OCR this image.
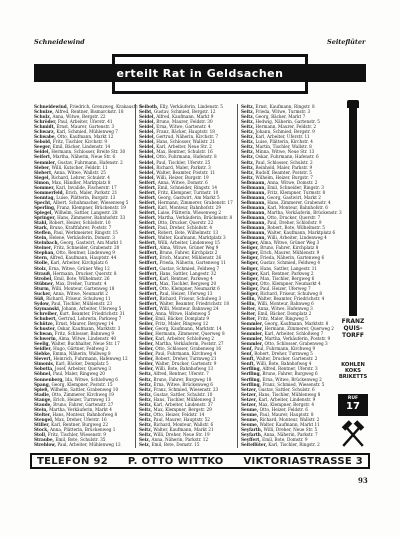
Schneidewind	Seiteflüter
erteilt Rat in Geldsachen
Schneidewind, Friedrich, Grenzweg, Krakaustr. 5
Schulze, Alfred, Rentner, Bismarckstr. 18
Schulz, Anna, Witwe, Bergstr. 22
Schröder, Paul, Arbeiter, Uferstr. 41
Schmidt, Ernst, Maurer, Gartenstr. 3
Schwarz, Karl, Schmied, Mühlenweg 7
Schwabe, Otto, Kaufmann, Markt 12
Sebold, Fritz, Tischler, Kirchstr. 9
Seeger, Emil, Bäcker, Lindenstr. 14
Seidel, Hermann, Schlosser, Breite Str. 30
Seifert, Martha, Näherin, Neue Str. 6
Semmler, Gustav, Fuhrmann, Hafenstr. 2
Sieber, Willi, Kutscher, Feldstr. 11
Siebert, Anna, Witwe, Wallstr. 25
Siegel, Richard, Lehrer, Schulstr. 4
Simon, Max, Händler, Marktplatz 8
Sommer, Karl, Invalide, Fischerstr. 17
Sommerfeld, Erich, Maler, Parkstr. 21
Sonntag, Luise, Plätterin, Burgstr. 13
Specht, Albert, Schuhmacher, Wiesenweg 5
Sperling, Franz, Klempner, Brückenstr. 19
Spiegel, Wilhelm, Sattler, Langestr. 28
Springer, Hans, Zimmerer, Bahnhofstr. 33
Stahl, Robert, Heizer, Schloßstr. 10
Stark, Bruno, Kraftfahrer, Poststr. 7
Steffen, Paul, Werkmeister, Ringstr. 15
Stein, Helene, Verkäuferin, Domstr. 3
Steinbach, Georg, Gastwirt, Am Markt 1
Steiner, Fritz, Schneider, Grabenstr. 20
Stephan, Otto, Rentner, Lindenweg 9
Stern, Alfred, Kaufmann, Hauptstr. 44
Stolle, Karl, Arbeiter, Kirchplatz 6
Stolz, Erna, Witwe, Grüner Weg 12
Strauß, Hermann, Drucker, Querstr. 8
Strobel, Emil, Bote, Wilhelmstr. 26
Stübner, Max, Dreher, Turmstr. 4
Sturm, Willi, Monteur, Gartenweg 18
Sucker, Anna, Witwe, Neumarkt 2
Süß, Richard, Friseur, Schulweg 11
Sydow, Paul, Tischler, Mühlenstr. 23
Szymanski, Johann, Arbeiter, Uferweg 5
Schreiber, Kurt, Beamter, Friedrichstr. 31
Schubert, Gertrud, Lehrerin, Parkweg 7
Schütze, Ernst, Maurer, Bergweg 14
Schuster, Oskar, Kaufmann, Marktstr. 3
Schwan, Fritz, Schlosser, Bahnweg 9
Schwerin, Alma, Witwe, Lindenstr. 40
Seelig, Walter, Buchhalter, Neue Str. 17
Seidler, Hugo, Gärtner, Feldweg 2
Siebke, Emma, Näherin, Wallweg 8
Sievert, Heinrich, Fuhrmann, Hafenweg 12
Simonis, Karl, Bäcker, Domplatz 5
Sobotta, Josef, Arbeiter, Querweg 3
Söhnel, Paul, Maler, Ringweg 20
Sonnenberg, Ida, Witwe, Schloßweg 6
Spang, Georg, Klempner, Poststr. 15
Spieß, Wilhelm, Sattler, Grabenweg 10
Stadie, Otto, Zimmerer, Kirchweg 19
Stange, Erich, Heizer, Turmweg 13
Staude, Bruno, Fahrer, Gartenstr. 27
Stein, Martha, Verkäuferin, Markt 4
Stelter, Hans, Monteur, Bahnhofweg 8
Stengel, Max, Dreher, Uferstr. 16
Stiller, Karl, Rentner, Burgweg 22
Stock, Anna, Plätterin, Brückenweg 1
Stoll, Fritz, Tischler, Wiesenstr. 9
Straube, Emil, Bote, Schulstr. 35
Strehlow, Paul, Arbeiter, Mühlenweg 12
Seiboth, Elly, Verkäuferin, Lindenstr. 5
Seibt, Gustav, Schmied, Bergstr. 12
Seidel, Alfred, Kaufmann, Markt 9
Seidel, Bruno, Maurer, Feldstr. 30
Seidel, Erna, Witwe, Gartenstr. 4
Seidel, Franz, Bäcker, Hauptstr. 18
Seidel, Gertrud, Näherin, Kirchstr. 7
Seidel, Hans, Schlosser, Wallstr. 21
Seidel, Karl, Arbeiter, Neue Str. 2
Seidel, Max, Rentner, Schulstr. 16
Seidel, Otto, Fuhrmann, Hafenstr. 8
Seidel, Paul, Tischler, Uferstr. 25
Seidel, Richard, Maler, Parkstr. 3
Seidel, Walter, Beamter, Poststr. 11
Seidel, Willi, Heizer, Burgstr. 19
Seifert, Anna, Witwe, Domstr. 6
Seifert, Emil, Schneider, Ringstr. 14
Seifert, Fritz, Klempner, Turmstr. 10
Seifert, Georg, Gastwirt, Am Markt 5
Seifert, Hermann, Zimmerer, Grabenstr. 17
Seifert, Karl, Monteur, Bahnhofstr. 29
Seifert, Luise, Plätterin, Wiesenweg 2
Seifert, Martha, Verkäuferin, Brückenstr. 8
Seifert, Otto, Drucker, Querstr. 22
Seifert, Paul, Dreher, Schloßstr. 4
Seifert, Robert, Bote, Wilhelmstr. 13
Seifert, Walter, Kaufmann, Marktplatz 3
Seifert, Willi, Arbeiter, Lindenweg 15
Seiffert, Alma, Witwe, Grüner Weg 9
Seiffert, Bruno, Fahrer, Kirchplatz 2
Seiffert, Erich, Maurer, Mühlenstr. 26
Seiffert, Frieda, Näherin, Gartenweg 11
Seiffert, Gustav, Schmied, Feldweg 7
Seiffert, Hans, Sattler, Langestr. 32
Seiffert, Karl, Rentner, Parkweg 4
Seiffert, Max, Tischler, Bergweg 20
Seiffert, Otto, Klempner, Neumarkt 6
Seiffert, Paul, Heizer, Uferweg 13
Seiffert, Richard, Friseur, Schulweg 3
Seiffert, Walter, Beamter, Friedrichstr. 18
Seiffert, Willi, Monteur, Bahnweg 24
Seiler, Anna, Witwe, Hafenweg 5
Seiler, Emil, Bäcker, Domplatz 9
Seiler, Fritz, Maler, Ringweg 12
Seiler, Georg, Kaufmann, Marktstr. 14
Seiler, Hermann, Zimmerer, Querweg 8
Seiler, Karl, Arbeiter, Schloßweg 2
Seiler, Martha, Verkäuferin, Poststr. 27
Seiler, Otto, Schlosser, Grabenweg 16
Seiler, Paul, Fuhrmann, Kirchweg 4
Seiler, Robert, Dreher, Turmweg 21
Seiler, Walter, Drucker, Gartenstr. 9
Seiler, Willi, Bote, Bahnhofweg 13
Seitz, Alfred, Rentner, Uferstr. 7
Seitz, Bruno, Fahrer, Burgweg 18
Seitz, Erna, Witwe, Brückenweg 6
Seitz, Franz, Schmied, Wiesenstr. 23
Seitz, Gustav, Sattler, Schulstr. 10
Seitz, Hans, Tischler, Mühlenweg 3
Seitz, Karl, Arbeiter, Lindenstr. 37
Seitz, Max, Klempner, Bergstr. 29
Seitz, Otto, Heizer, Feldstr. 14
Seitz, Paul, Maurer, Hauptstr. 52
Seitz, Richard, Monteur, Wallstr. 6
Seitz, Walter, Kaufmann, Markt 21
Seitz, Willi, Dreher, Neue Str. 19
Seiz, Anna, Näherin, Parkstr. 12
Seiz, Emil, Bote, Domstr. 15
Seitz, Ernst, Kaufmann, Ringstr. 8
Seitz, Frieda, Witwe, Turmstr. 3
Seitz, Georg, Bäcker, Markt 7
Seitz, Hedwig, Näherin, Gartenstr. 5
Seitz, Hermann, Maurer, Feldstr. 2
Seitz, Johann, Schmied, Bergstr. 9
Seitz, Karl, Arbeiter, Uferstr. 11
Seitz, Luise, Plätterin, Kirchstr. 4
Seitz, Martin, Tischler, Wallstr. 8
Seitz, Minna, Witwe, Neue Str. 13
Seitz, Oskar, Fuhrmann, Hafenstr. 6
Seitz, Paul, Schlosser, Schulstr. 2
Seitz, Reinhold, Maler, Parkstr. 9
Seitz, Rudolf, Beamter, Poststr. 5
Seitz, Wilhelm, Heizer, Burgstr. 7
Selbmann, Anna, Witwe, Domstr. 2
Selbmann, Emil, Schneider, Ringstr. 3
Selbmann, Fritz, Klempner, Turmstr. 8
Selbmann, Georg, Gastwirt, Markt 2
Selbmann, Hans, Zimmerer, Grabenstr. 4
Selbmann, Karl, Monteur, Bahnhofstr. 6
Selbmann, Martha, Verkäuferin, Brückenstr. 3
Selbmann, Otto, Drucker, Querstr. 7
Selbmann, Paul, Dreher, Schloßstr. 9
Selbmann, Robert, Bote, Wilhelmstr. 5
Selbmann, Walter, Kaufmann, Marktplatz 6
Selbmann, Willi, Arbeiter, Lindenweg 4
Seliger, Alma, Witwe, Grüner Weg 3
Seliger, Bruno, Fahrer, Kirchplatz 8
Seliger, Erich, Maurer, Mühlenstr. 9
Seliger, Frieda, Näherin, Gartenweg 6
Seliger, Gustav, Schmied, Feldweg 4
Seliger, Hans, Sattler, Langestr. 11
Seliger, Karl, Rentner, Parkweg 2
Seliger, Max, Tischler, Bergweg 6
Seliger, Otto, Klempner, Neumarkt 4
Seliger, Paul, Heizer, Uferweg 7
Seliger, Richard, Friseur, Schulweg 8
Sellin, Walter, Beamter, Friedrichstr. 4
Sellin, Willi, Monteur, Bahnweg 6
Selter, Anna, Witwe, Hafenweg 3
Selter, Emil, Bäcker, Domplatz 2
Selter, Fritz, Maler, Ringweg 5
Semmler, Georg, Kaufmann, Marktstr. 8
Semmler, Hermann, Zimmerer, Querweg 2
Semmler, Karl, Arbeiter, Schloßweg 7
Semmler, Martha, Verkäuferin, Poststr. 9
Semmler, Otto, Schlosser, Grabenweg 3
Senf, Paul, Fuhrmann, Kirchweg 9
Senf, Robert, Dreher, Turmweg 5
Senft, Walter, Drucker, Gartenstr. 2
Senft, Willi, Bote, Bahnhofweg 4
Serfling, Alfred, Rentner, Uferstr. 3
Serfling, Bruno, Fahrer, Burgweg 6
Serfling, Erna, Witwe, Brückenweg 2
Serfling, Franz, Schmied, Wiesenstr. 5
Setzer, Gustav, Sattler, Schulstr. 6
Setzer, Hans, Tischler, Mühlenweg 8
Setzer, Karl, Arbeiter, Lindenstr. 9
Setzer, Max, Klempner, Bergstr. 4
Seume, Otto, Heizer, Feldstr. 6
Seume, Paul, Maurer, Hauptstr. 8
Seume, Richard, Monteur, Wallstr. 2
Seume, Walter, Kaufmann, Markt 11
Seyfarth, Willi, Dreher, Neue Str. 5
Seyfarth, Anna, Näherin, Parkstr. 7
Seyffert, Emil, Bote, Domstr. 9
Seiteflüter, Karl, Tischler, Ringstr. 2
FRANZ
QUIS-
TORFF
KOHLEN
KOKS
BRIKETTS
RUF
17
TELEFON 92 P. OTTO WITTKO VIKTORIASTRASSE 3
93
